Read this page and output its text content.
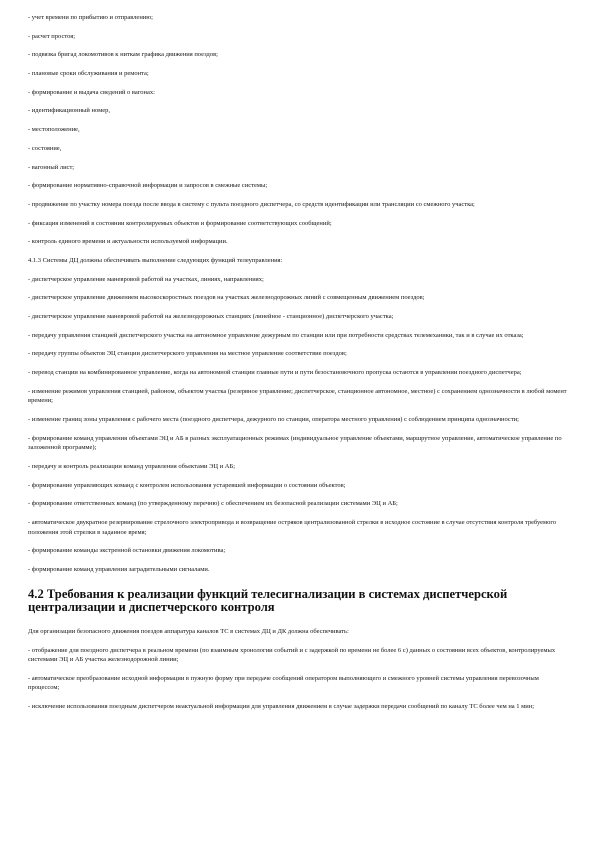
- учет времени по прибытию и отправлению;

- расчет простоя;

- подвязка бригад локомотивов к ниткам графика движения поездов;

- плановые сроки обслуживания и ремонта;

- формирование и выдача сведений о вагонах:

- идентификационный номер,

- местоположение,

- состояние,

- вагонный лист;

- формирование нормативно-справочной информации и запросов в смежные системы;

- продвижение по участку номера поезда после ввода в систему с пульта поездного диспетчера, со средств идентификации или трансляции со смежного участка;

- фиксация изменений в состоянии контролируемых объектов и формирование соответствующих сообщений;

- контроль единого времени и актуальности используемой информации.

4.1.3 Системы ДЦ должны обеспечивать выполнение следующих функций телеуправления:

- диспетчерское управление маневровой работой на участках, линиях, направлениях;

- диспетчерское управление движением высокоскоростных поездов на участках железнодорожных линий с совмещенным движением поездов;

- диспетчерское управление маневровой работой на железнодорожных станциях (линейное - станционное) диспетчерского участка;

- передачу управления станцией диспетчерского участка на автономное управление дежурным по станции или при потребности средствах телемеханики, так и в случае их отказа;

- передачу группы объектов ЭЦ станции диспетчерского управления на местное управление соответствие поездов;

- перевод станции на комбинированное управление, когда на автономной станции главные пути и пути безостановочного пропуска остаются в управлении поездного диспетчера;

- изменение режимов управления станцией, районом, объектом участка (резервное управление; диспетчерское, станционное автономное, местное) с сохранением однозначности в любой момент времени;

- изменение границ зоны управления с рабочего места (поездного диспетчера, дежурного по станции, оператора местного управления) с соблюдением принципа однозначности;

- формирование команд управления объектами ЭЦ и АБ в разных эксплуатационных режимах (индивидуальное управление объектами, маршрутное управление, автоматическое управление по заложенной программе);

- передачу и контроль реализации команд управления объектами ЭЦ и АБ;

- формирование управляющих команд с контролем использования устаревшей информации о состоянии объектов;

- формирование ответственных команд (по утвержденному перечню) с обеспечением их безопасной реализации системами ЭЦ и АБ;

- автоматическое двукратное резервирование стрелочного электропривода и возвращение остряков централизованной стрелки в исходное состояние в случае отсутствия контроля требуемого положения этой стрелки в заданное время;

- формирование команды экстренной остановки движения локомотива;

- формирование команд управления заградительными сигналами.

4.2 Требования к реализации функций телесигнализации в системах диспетчерской централизации и диспетчерского контроля

Для организации безопасного движения поездов аппаратура каналов ТС в системах ДЦ и ДК должна обеспечивать:

- отображение для поездного диспетчера в реальном времени (по взаимным хронологии событий и с задержкой по времени не более 6 с) данных о состоянии всех объектов, контролируемых системами ЭЦ и АБ участка железнодорожной линии;

- автоматическое преобразование исходной информации в пужную форму при передаче сообщений оператором выполняющего и смежного уровней системы управления перевозочным процессом;

- исключение использования поездным диспетчером неактуальной информации для управления движением в случае задержки передачи сообщений по каналу ТС более чем на 1 мин;
